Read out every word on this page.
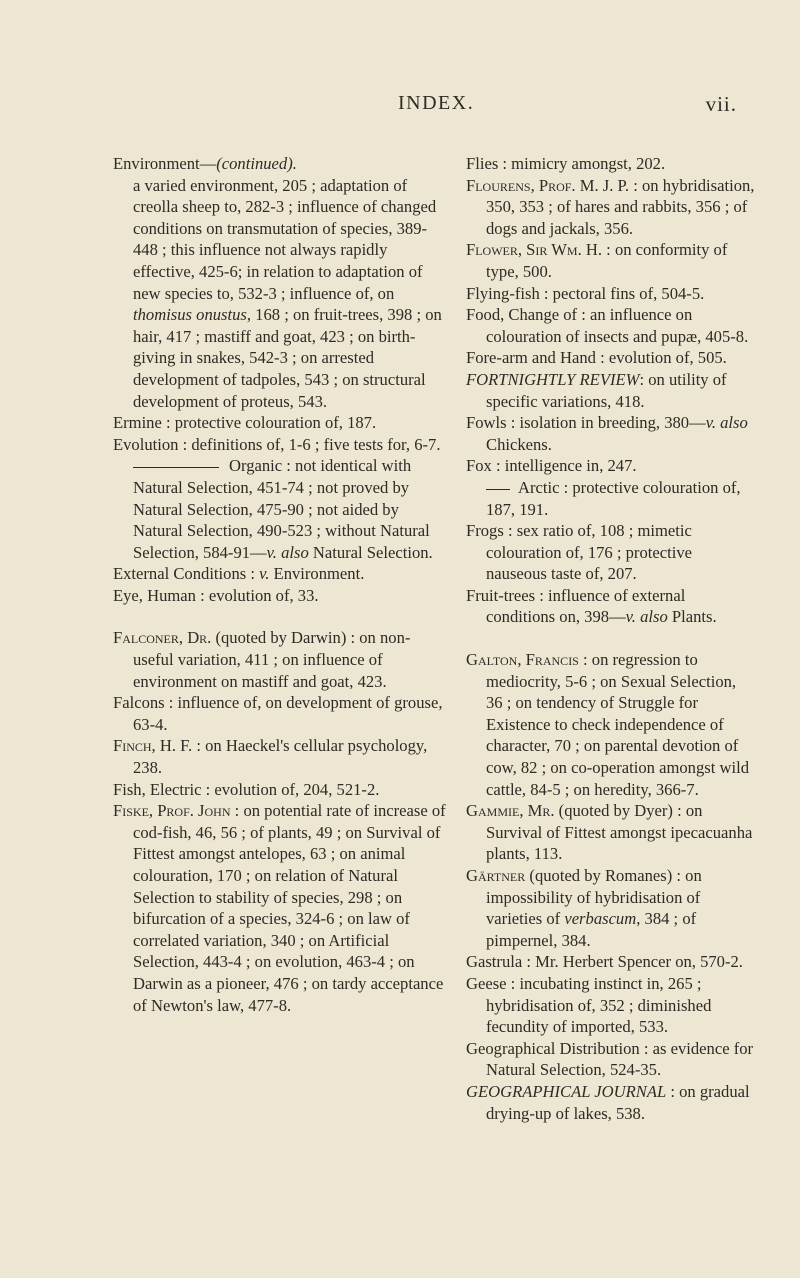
INDEX.	vii.
Environment—(continued).
a varied environment, 205 ; adaptation of creolla sheep to, 282-3 ; influence of changed conditions on transmutation of species, 389-448 ; this influence not always rapidly effective, 425-6; in relation to adaptation of new species to, 532-3 ; influence of, on thomisus onustus, 168 ; on fruit-trees, 398 ; on hair, 417 ; mastiff and goat, 423 ; on birth-giving in snakes, 542-3 ; on arrested development of tadpoles, 543 ; on structural development of proteus, 543.
Ermine : protective colouration of, 187.
Evolution : definitions of, 1-6 ; five tests for, 6-7.
Organic : not identical with Natural Selection, 451-74 ; not proved by Natural Selection, 475-90 ; not aided by Natural Selection, 490-523 ; without Natural Selection, 584-91—v. also Natural Selection.
External Conditions : v. Environment.
Eye, Human : evolution of, 33.
Falconer, Dr. (quoted by Darwin) : on non-useful variation, 411 ; on influence of environment on mastiff and goat, 423.
Falcons : influence of, on development of grouse, 63-4.
Finch, H. F. : on Haeckel's cellular psychology, 238.
Fish, Electric : evolution of, 204, 521-2.
Fiske, Prof. John : on potential rate of increase of cod-fish, 46, 56 ; of plants, 49 ; on Survival of Fittest amongst antelopes, 63 ; on animal colouration, 170 ; on relation of Natural Selection to stability of species, 298 ; on bifurcation of a species, 324-6 ; on law of correlated variation, 340 ; on Artificial Selection, 443-4 ; on evolution, 463-4 ; on Darwin as a pioneer, 476 ; on tardy acceptance of Newton's law, 477-8.
Flies : mimicry amongst, 202.
Flourens, Prof. M. J. P. : on hybridisation, 350, 353 ; of hares and rabbits, 356 ; of dogs and jackals, 356.
Flower, Sir Wm. H. : on conformity of type, 500.
Flying-fish : pectoral fins of, 504-5.
Food, Change of : an influence on colouration of insects and pupæ, 405-8.
Fore-arm and Hand : evolution of, 505.
FORTNIGHTLY REVIEW: on utility of specific variations, 418.
Fowls : isolation in breeding, 380—v. also Chickens.
Fox : intelligence in, 247.
Arctic : protective colouration of, 187, 191.
Frogs : sex ratio of, 108 ; mimetic colouration of, 176 ; protective nauseous taste of, 207.
Fruit-trees : influence of external conditions on, 398—v. also Plants.
Galton, Francis : on regression to mediocrity, 5-6 ; on Sexual Selection, 36 ; on tendency of Struggle for Existence to check independence of character, 70 ; on parental devotion of cow, 82 ; on co-operation amongst wild cattle, 84-5 ; on heredity, 366-7.
Gammie, Mr. (quoted by Dyer) : on Survival of Fittest amongst ipecacuanha plants, 113.
Gärtner (quoted by Romanes) : on impossibility of hybridisation of varieties of verbascum, 384 ; of pimpernel, 384.
Gastrula : Mr. Herbert Spencer on, 570-2.
Geese : incubating instinct in, 265 ; hybridisation of, 352 ; diminished fecundity of imported, 533.
Geographical Distribution : as evidence for Natural Selection, 524-35.
GEOGRAPHICAL JOURNAL : on gradual drying-up of lakes, 538.
